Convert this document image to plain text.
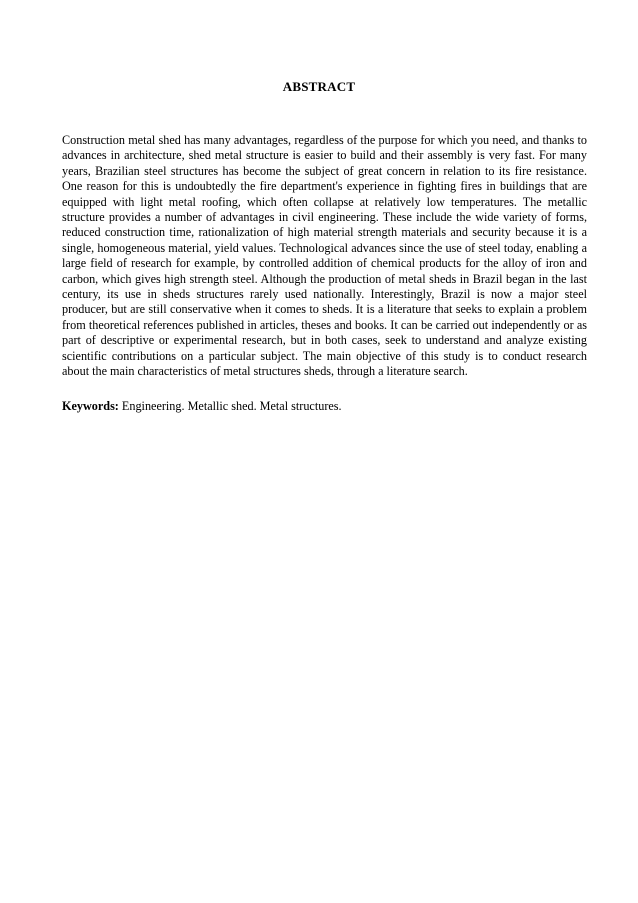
ABSTRACT

Construction metal shed has many advantages, regardless of the purpose for which you need, and thanks to advances in architecture, shed metal structure is easier to build and their assembly is very fast. For many years, Brazilian steel structures has become the subject of great concern in relation to its fire resistance. One reason for this is undoubtedly the fire department's experience in fighting fires in buildings that are equipped with light metal roofing, which often collapse at relatively low temperatures. The metallic structure provides a number of advantages in civil engineering. These include the wide variety of forms, reduced construction time, rationalization of high material strength materials and security because it is a single, homogeneous material, yield values. Technological advances since the use of steel today, enabling a large field of research for example, by controlled addition of chemical products for the alloy of iron and carbon, which gives high strength steel. Although the production of metal sheds in Brazil began in the last century, its use in sheds structures rarely used nationally. Interestingly, Brazil is now a major steel producer, but are still conservative when it comes to sheds. It is a literature that seeks to explain a problem from theoretical references published in articles, theses and books. It can be carried out independently or as part of descriptive or experimental research, but in both cases, seek to understand and analyze existing scientific contributions on a particular subject. The main objective of this study is to conduct research about the main characteristics of metal structures sheds, through a literature search.

Keywords: Engineering. Metallic shed. Metal structures.
